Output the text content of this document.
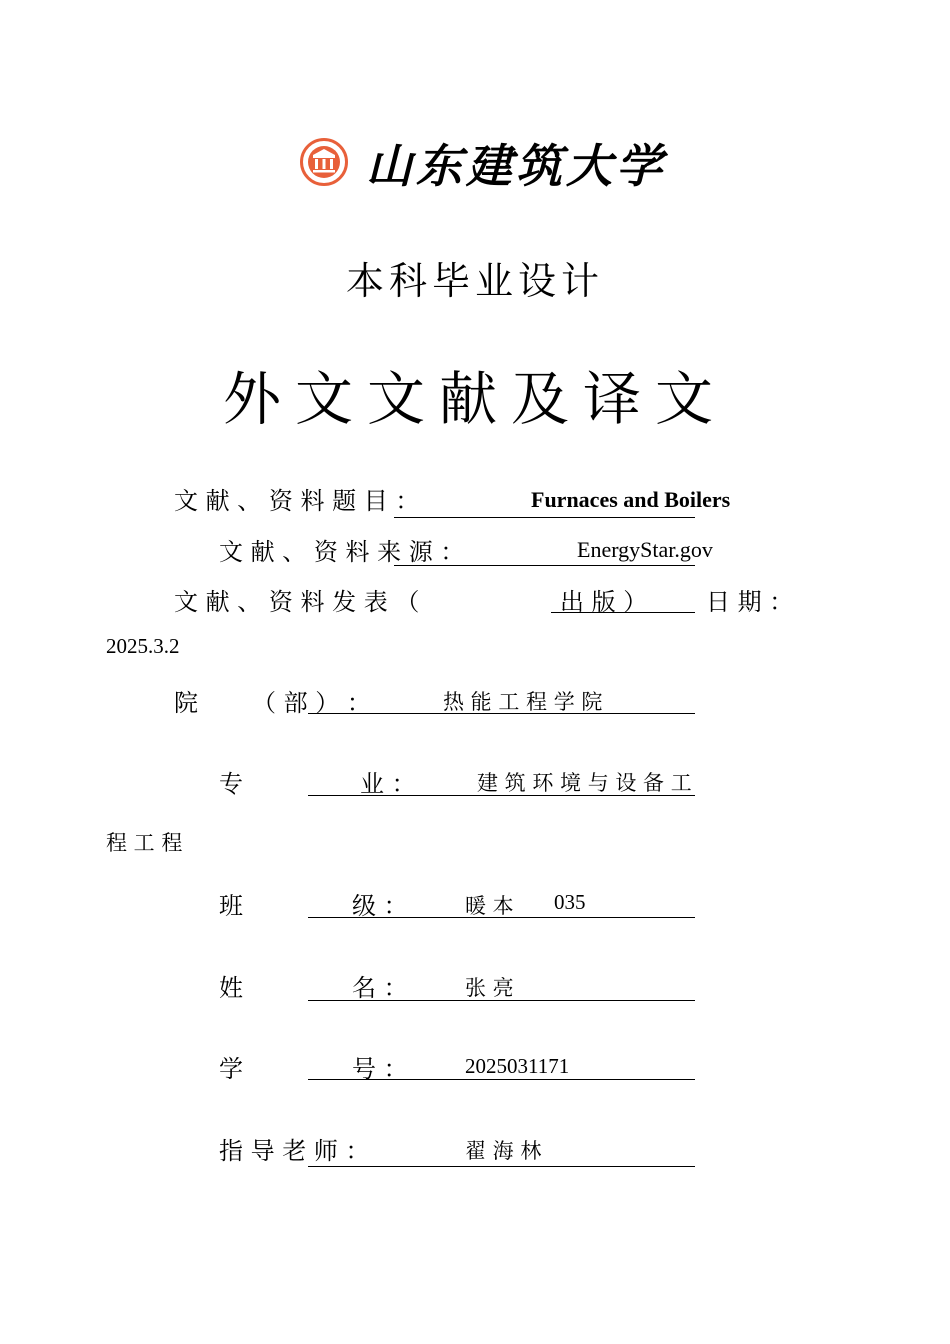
山东建筑大学
本科毕业设计
外文文献及译文
文 献 、 资 料 题 目 ：	Furnaces and Boilers
文 献 、 资 料 来 源 ：	EnergyStar.gov
文 献 、 资 料 发 表 （	出 版 ） 日 期 ：
2025.3.2
院 （ 部 ） ：	热 能 工 程 学 院
专	业 ：	建 筑 环 境 与 设 备 工
程 工 程
班	级 ：	暖 本 035
姓	名 ：	张 亮
学	号 ：	2025031171
指 导 老 师 ：	翟 海 林
